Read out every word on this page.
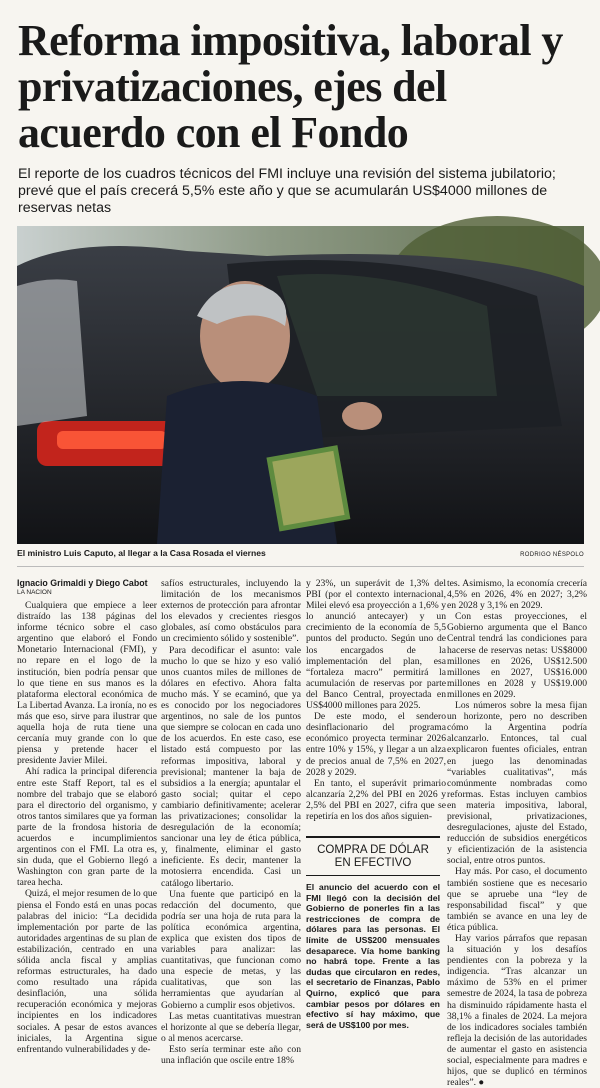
Reforma impositiva, laboral y privatizaciones, ejes del acuerdo con el Fondo

El reporte de los cuadros técnicos del FMI incluye una revisión del sistema jubilatorio; prevé que el país crecerá 5,5% este año y que se acumularán US$4000 millones de reservas netas

El ministro Luis Caputo, al llegar a la Casa Rosada el viernes	RODRIGO NÉSPOLO
Ignacio Grimaldi y Diego Cabot
LA NACION

Cualquiera que empiece a leer distraído las 138 páginas del informe técnico sobre el caso argentino que elaboró el Fondo Monetario Internacional (FMI), y no repare en el logo de la institución, bien podría pensar que lo que tiene en sus manos es la plataforma electoral económica de La Libertad Avanza. La ironía, no es más que eso, sirve para ilustrar que aquella hoja de ruta tiene una cercanía muy grande con lo que piensa y pretende hacer el presidente Javier Milei.

Ahí radica la principal diferencia entre este Staff Report, tal es el nombre del trabajo que se elaboró para el directorio del organismo, y otros tantos similares que ya forman parte de la frondosa historia de acuerdos e incumplimientos argentinos con el FMI. La otra es, sin duda, que el Gobierno llegó a Washington con gran parte de la tarea hecha.

Quizá, el mejor resumen de lo que piensa el Fondo está en unas pocas palabras del inicio: “La decidida implementación por parte de las autoridades argentinas de su plan de estabilización, centrado en una sólida ancla fiscal y amplias reformas estructurales, ha dado como resultado una rápida desinflación, una sólida recuperación económica y mejoras incipientes en los indicadores sociales. A pesar de estos avances iniciales, la Argentina sigue enfrentando vulnerabilidades y de-

safíos estructurales, incluyendo la limitación de los mecanismos externos de protección para afrontar los elevados y crecientes riesgos globales, así como obstáculos para un crecimiento sólido y sostenible”.

Para decodificar el asunto: vale mucho lo que se hizo y eso valió unos cuantos miles de millones de dólares en efectivo. Ahora falta mucho más. Y se ecaminó, que ya es conocido por los negociadores argentinos, no sale de los puntos que siempre se colocan en cada uno de los acuerdos. En este caso, ese listado está compuesto por las reformas impositiva, laboral y previsional; mantener la baja de subsidios a la energía; apuntalar el gasto social; quitar el cepo cambiario definitivamente; acelerar las privatizaciones; consolidar la desregulación de la economía; sancionar una ley de ética pública, y, finalmente, eliminar el gasto ineficiente. Es decir, mantener la motosierra encendida. Casi un catálogo libertario.

Una fuente que participó en la redacción del documento, que podría ser una hoja de ruta para la política económica argentina, explica que existen dos tipos de variables para analizar: las cuantitativas, que funcionan como una especie de metas, y las cualitativas, que son las herramientas que ayudarían al Gobierno a cumplir esos objetivos.

Las metas cuantitativas muestran el horizonte al que se debería llegar, o al menos acercarse.

Esto sería terminar este año con una inflación que oscile entre 18%

y 23%, un superávit de 1,3% del PBI (por el contexto internacional, Milei elevó esa proyección a 1,6% y lo anunció antecayer) y un crecimiento de la economía de 5,5 puntos del producto. Según uno de los encargados de la implementación del plan, esa “fortaleza macro” permitirá la acumulación de reservas por parte del Banco Central, proyectada en US$4000 millones para 2025.

De este modo, el sendero desinflacionario del programa económico proyecta terminar 2026 entre 10% y 15%, y llegar a un alza de precios anual de 7,5% en 2027, 2028 y 2029.

En tanto, el superávit primario alcanzaría 2,2% del PBI en 2026 y 2,5% del PBI en 2027, cifra que se repetiría en los dos años siguien-

COMPRA DE DÓLAR EN EFECTIVO
El anuncio del acuerdo con el FMI llegó con la decisión del Gobierno de ponerles fin a las restricciones de compra de dólares para las personas. El límite de US$200 mensuales desaparece. Vía home banking no habrá tope. Frente a las dudas que circularon en redes, el secretario de Finanzas, Pablo Quirno, explicó que para cambiar pesos por dólares en efectivo sí hay máximo, que será de US$100 por mes.

tes. Asimismo, la economía crecería 4,5% en 2026, 4% en 2027; 3,2% en 2028 y 3,1% en 2029.

Con estas proyecciones, el Gobierno argumenta que el Banco Central tendrá las condiciones para hacerse de reservas netas: US$8000 millones en 2026, US$12.500 millones en 2027, US$16.000 millones en 2028 y US$19.000 millones en 2029.

Los números sobre la mesa fijan un horizonte, pero no describen cómo la Argentina podría alcanzarlo. Entonces, tal cual explicaron fuentes oficiales, entran en juego las denominadas “variables cualitativas”, más comúnmente nombradas como reformas. Estas incluyen cambios en materia impositiva, laboral, previsional, privatizaciones, desregulaciones, ajuste del Estado, reducción de subsidios energéticos y eficientización de la asistencia social, entre otros puntos.

Hay más. Por caso, el documento también sostiene que es necesario que se apruebe una “ley de responsabilidad fiscal” y que también se avance en una ley de ética pública.

Hay varios párrafos que repasan la situación y los desafíos pendientes con la pobreza y la indigencia. “Tras alcanzar un máximo de 53% en el primer semestre de 2024, la tasa de pobreza ha disminuido rápidamente hasta el 38,1% a finales de 2024. La mejora de los indicadores sociales también refleja la decisión de las autoridades de aumentar el gasto en asistencia social, especialmente para madres e hijos, que se duplicó en términos reales”. ●
